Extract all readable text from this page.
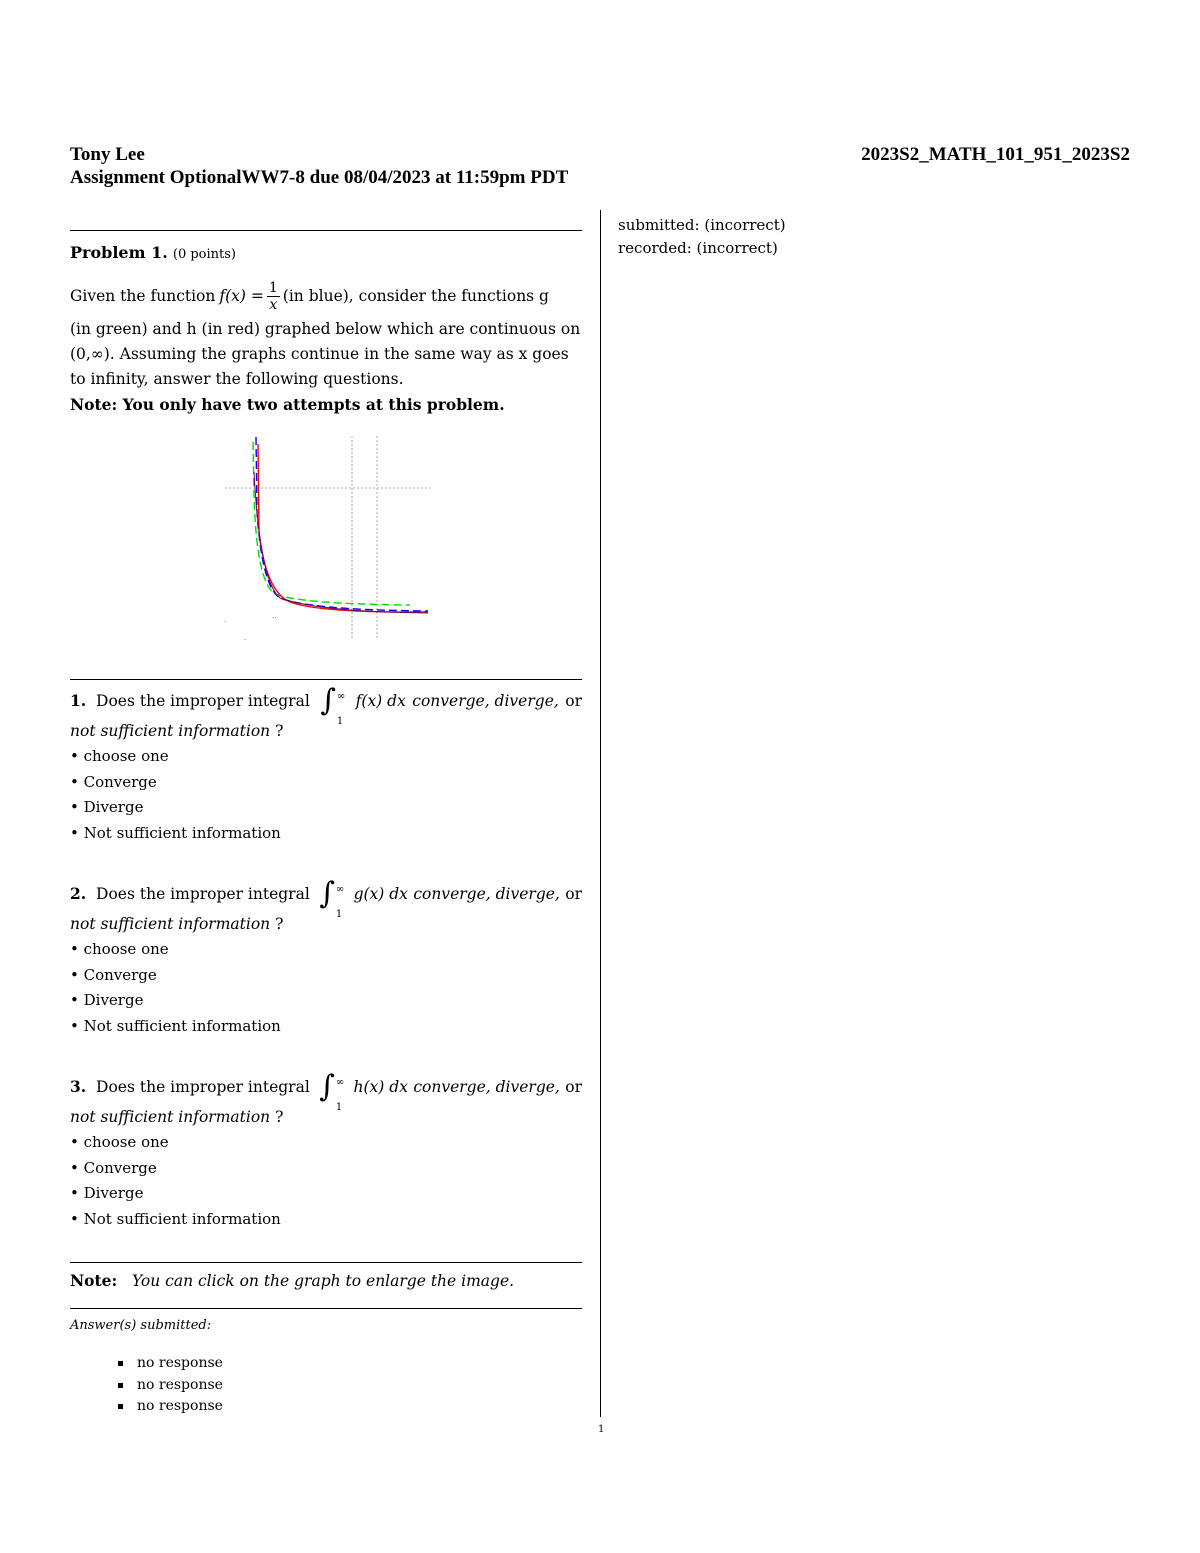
Tony Lee	2023S2_MATH_101_951_2023S2
Assignment OptionalWW7-8 due 08/04/2023 at 11:59pm PDT
submitted: (incorrect)
recorded: (incorrect)
Problem 1. (0 points)
Given the function $f(x) = \frac{1}{x} (in$ blue), consider the functions g
(in green) and h (in red) graphed below which are continuous on
(0,∞). Assuming the graphs continue in the same way as x goes
to infinity, answer the following questions.
Note: You only have two attempts at this problem.
.	..
.
1. Does the improper integral ∫ ∞
1
f(x) dx converge, diverge, or
not sufficient information ?
• choose one
• Converge
• Diverge
• Not sufficient information
2. Does the improper integral ∫ ∞
1
g(x) dx converge, diverge, or
not sufficient information ?
• choose one
• Converge
• Diverge
• Not sufficient information
3. Does the improper integral ∫ ∞
1
h(x) dx converge, diverge, or
not sufficient information ?
• choose one
• Converge
• Diverge
• Not sufficient information
Note: You can click on the graph to enlarge the image.
Answer(s) submitted:
no response
no response
no response
1
